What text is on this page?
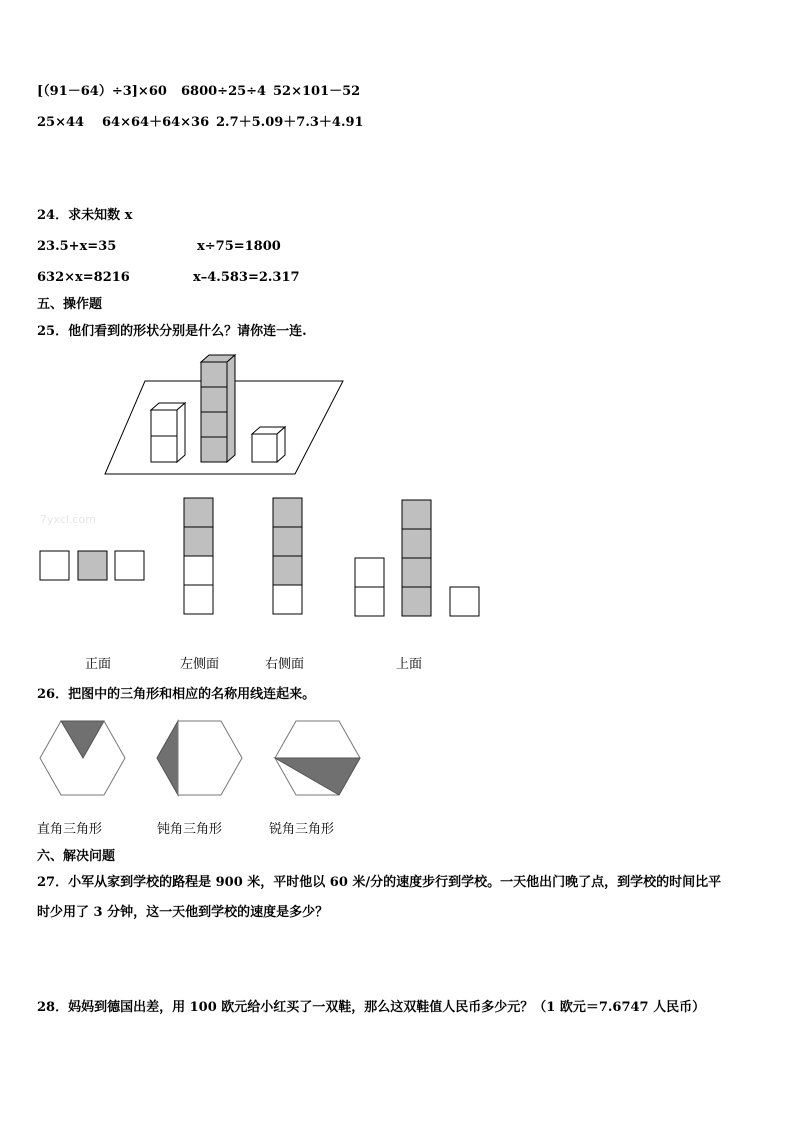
[（91－64）÷3]×60 6800÷25÷4 52×101－52
25×44 64×64＋64×36 2.7＋5.09＋7.3＋4.91
24．求未知数 x
23.5+x=35	x÷75=1800
632×x=8216	x–4.583=2.317
五、操作题
25．他们看到的形状分别是什么？请你连一连.
7yxcl.com
正面	左侧面	右侧面	上面
26．把图中的三角形和相应的名称用线连起来。
直角三角形	钝角三角形	锐角三角形
六、解决问题
27．小军从家到学校的路程是 900 米，平时他以 60 米/分的速度步行到学校。一天他出门晚了点，到学校的时间比平
时少用了 3 分钟，这一天他到学校的速度是多少？
28．妈妈到德国出差，用 100 欧元给小红买了一双鞋，那么这双鞋值人民币多少元？（1 欧元＝7.6747 人民币）
